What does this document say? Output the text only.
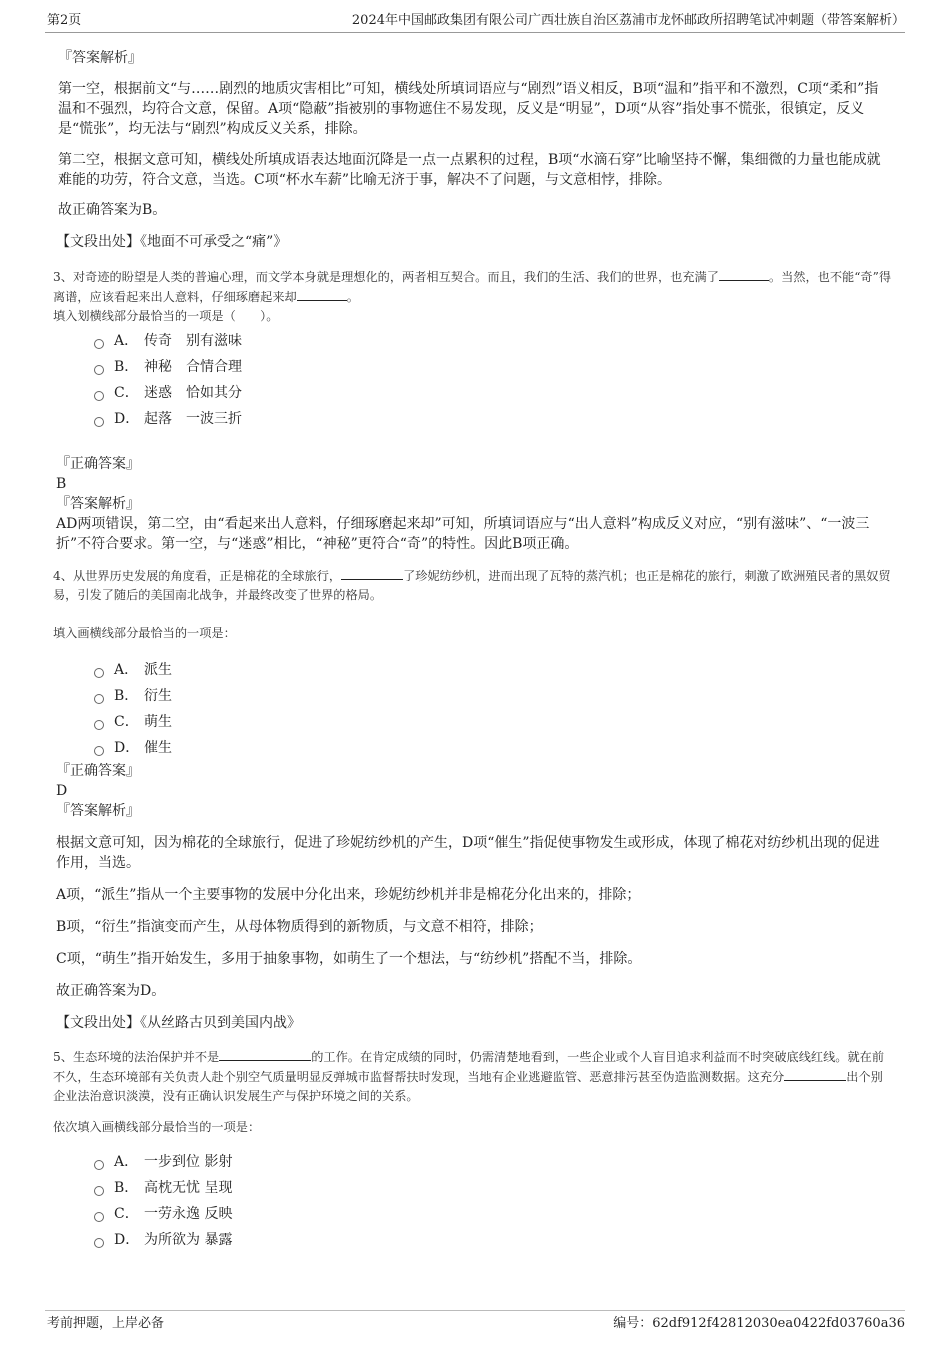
第2页	2024年中国邮政集团有限公司广西壮族自治区荔浦市龙怀邮政所招聘笔试冲刺题（带答案解析）

『答案解析』

第一空，根据前文“与……剧烈的地质灾害相比”可知，横线处所填词语应与“剧烈”语义相反，B项“温和”指平和不激烈，C项“柔和”指温和不强烈，均符合文意，保留。A项“隐蔽”指被别的事物遮住不易发现，反义是“明显”，D项“从容”指处事不慌张，很镇定，反义是“慌张”，均无法与“剧烈”构成反义关系，排除。

第二空，根据文意可知，横线处所填成语表达地面沉降是一点一点累积的过程，B项“水滴石穿”比喻坚持不懈，集细微的力量也能成就难能的功劳，符合文意，当选。C项“杯水车薪”比喻无济于事，解决不了问题，与文意相悖，排除。

故正确答案为B。

【文段出处】《地面不可承受之“痛”》

3、对奇迹的盼望是人类的普遍心理，而文学本身就是理想化的，两者相互契合。而且，我们的生活、我们的世界，也充满了	。当然，也不能“奇”得离谱，应该看起来出人意料，仔细琢磨起来却	。

填入划横线部分最恰当的一项是（　　）。

A． 传奇　别有滋味
B． 神秘　合情合理
C． 迷惑　恰如其分
D． 起落　一波三折

『正确答案』

B

『答案解析』

AD两项错误，第二空，由“看起来出人意料，仔细琢磨起来却”可知，所填词语应与“出人意料”构成反义对应，“别有滋味”、“一波三折”不符合要求。第一空，与“迷惑”相比，“神秘”更符合“奇”的特性。因此B项正确。

4、从世界历史发展的角度看，正是棉花的全球旅行，	了珍妮纺纱机，进而出现了瓦特的蒸汽机；也正是棉花的旅行，刺激了欧洲殖民者的黑奴贸易，引发了随后的美国南北战争，并最终改变了世界的格局。

填入画横线部分最恰当的一项是：

A． 派生
B． 衍生
C． 萌生
D． 催生

『正确答案』

D

『答案解析』

根据文意可知，因为棉花的全球旅行，促进了珍妮纺纱机的产生，D项“催生”指促使事物发生或形成，体现了棉花对纺纱机出现的促进作用，当选。

A项，“派生”指从一个主要事物的发展中分化出来，珍妮纺纱机并非是棉花分化出来的，排除；

B项，“衍生”指演变而产生，从母体物质得到的新物质，与文意不相符，排除；

C项，“萌生”指开始发生，多用于抽象事物，如萌生了一个想法，与“纺纱机”搭配不当，排除。

故正确答案为D。

【文段出处】《从丝路古贝到美国内战》

5、生态环境的法治保护并不是	的工作。在肯定成绩的同时，仍需清楚地看到，一些企业或个人盲目追求利益而不时突破底线红线。就在前不久，生态环境部有关负责人赴个别空气质量明显反弹城市监督帮扶时发现，当地有企业逃避监管、恶意排污甚至伪造监测数据。这充分	出个别企业法治意识淡漠，没有正确认识发展生产与保护环境之间的关系。

依次填入画横线部分最恰当的一项是：

A． 一步到位 影射
B． 高枕无忧 呈现
C． 一劳永逸 反映
D． 为所欲为 暴露
考前押题，上岸必备	编号：62df912f42812030ea0422fd03760a36
